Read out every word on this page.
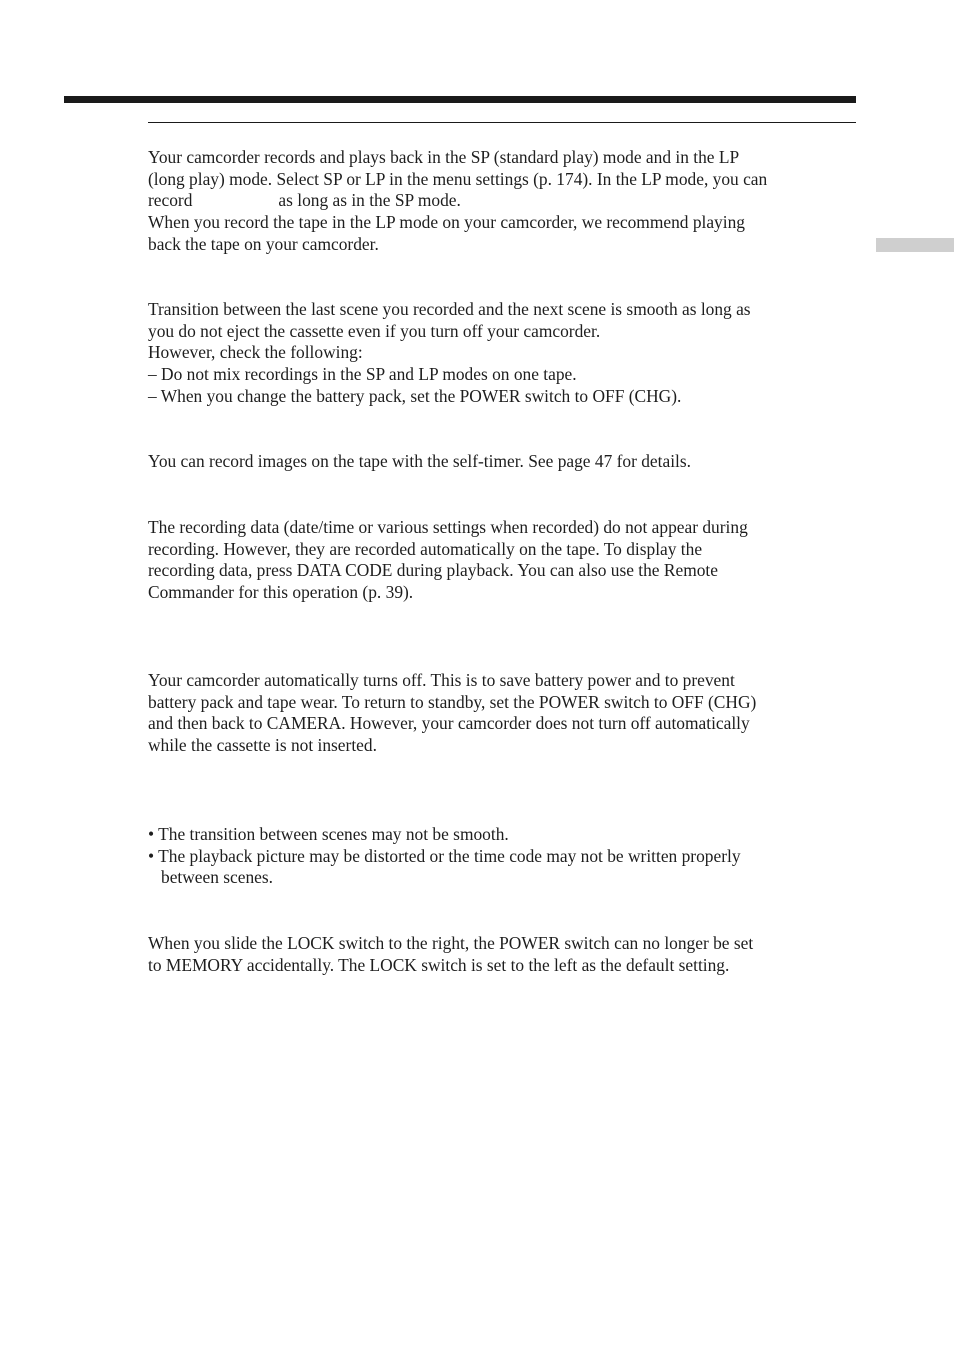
Your camcorder records and plays back in the SP (standard play) mode and in the LP
(long play) mode. Select SP or LP in the menu settings (p. 174). In the LP mode, you can
record	as long as in the SP mode.
When you record the tape in the LP mode on your camcorder, we recommend playing
back the tape on your camcorder.
Transition between the last scene you recorded and the next scene is smooth as long as
you do not eject the cassette even if you turn off your camcorder.
However, check the following:
– Do not mix recordings in the SP and LP modes on one tape.
– When you change the battery pack, set the POWER switch to OFF (CHG).
You can record images on the tape with the self-timer. See page 47 for details.
The recording data (date/time or various settings when recorded) do not appear during
recording. However, they are recorded automatically on the tape. To display the
recording data, press DATA CODE during playback. You can also use the Remote
Commander for this operation (p. 39).
Your camcorder automatically turns off. This is to save battery power and to prevent
battery pack and tape wear. To return to standby, set the POWER switch to OFF (CHG)
and then back to CAMERA. However, your camcorder does not turn off automatically
while the cassette is not inserted.
• The transition between scenes may not be smooth.
• The playback picture may be distorted or the time code may not be written properly
between scenes.
When you slide the LOCK switch to the right, the POWER switch can no longer be set
to MEMORY accidentally. The LOCK switch is set to the left as the default setting.
